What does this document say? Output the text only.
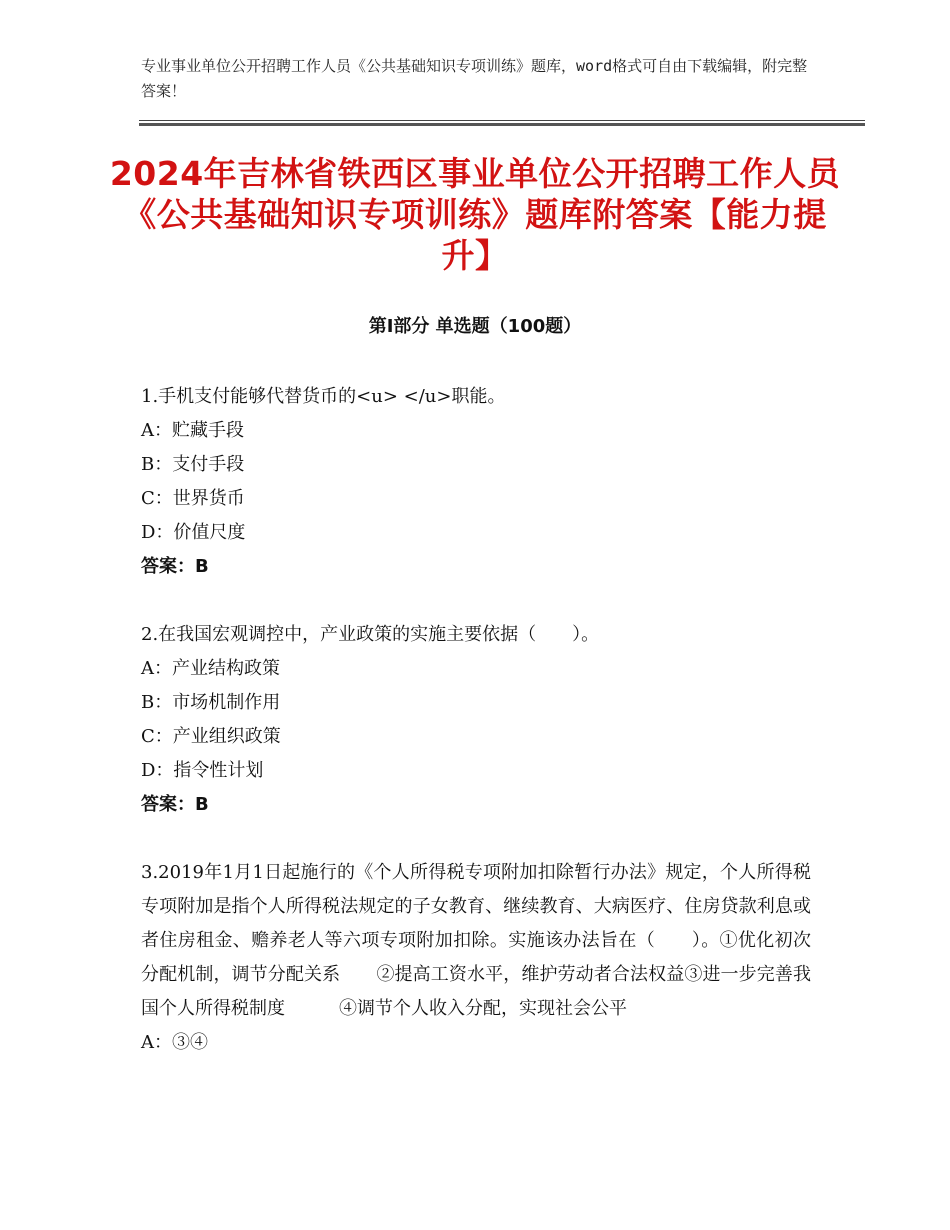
专业事业单位公开招聘工作人员《公共基础知识专项训练》题库，word格式可自由下载编辑，附完整答案！
2024年吉林省铁西区事业单位公开招聘工作人员《公共基础知识专项训练》题库附答案【能力提升】
第Ⅰ部分 单选题（100题）
1.手机支付能够代替货币的<u> </u>职能。
A：贮藏手段
B：支付手段
C：世界货币
D：价值尺度
答案：B
2.在我国宏观调控中，产业政策的实施主要依据（　　）。
A：产业结构政策
B：市场机制作用
C：产业组织政策
D：指令性计划
答案：B
3.2019年1月1日起施行的《个人所得税专项附加扣除暂行办法》规定，个人所得税专项附加是指个人所得税法规定的子女教育、继续教育、大病医疗、住房贷款利息或者住房租金、赡养老人等六项专项附加扣除。实施该办法旨在（　　）。①优化初次分配机制，调节分配关系　　②提高工资水平，维护劳动者合法权益③进一步完善我国个人所得税制度　　　④调节个人收入分配，实现社会公平
A：③④
